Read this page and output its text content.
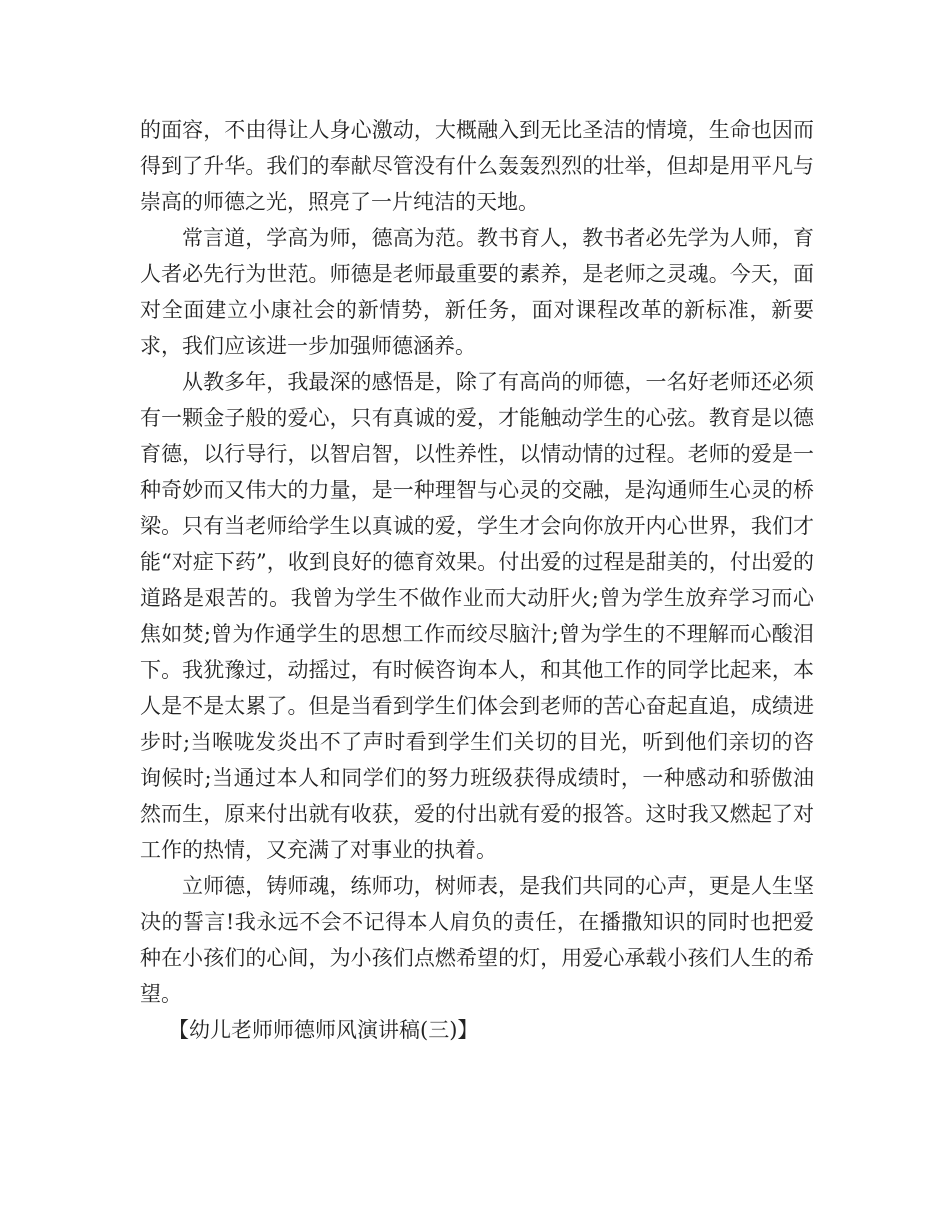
的面容，不由得让人身心激动，大概融入到无比圣洁的情境，生命也因而得到了升华。我们的奉献尽管没有什么轰轰烈烈的壮举，但却是用平凡与崇高的师德之光，照亮了一片纯洁的天地。

常言道，学高为师，德高为范。教书育人，教书者必先学为人师，育人者必先行为世范。师德是老师最重要的素养，是老师之灵魂。今天，面对全面建立小康社会的新情势，新任务，面对课程改革的新标准，新要求，我们应该进一步加强师德涵养。

从教多年，我最深的感悟是，除了有高尚的师德，一名好老师还必须有一颗金子般的爱心，只有真诚的爱，才能触动学生的心弦。教育是以德育德，以行导行，以智启智，以性养性，以情动情的过程。老师的爱是一种奇妙而又伟大的力量，是一种理智与心灵的交融，是沟通师生心灵的桥梁。只有当老师给学生以真诚的爱，学生才会向你放开内心世界，我们才能“对症下药”，收到良好的德育效果。付出爱的过程是甜美的，付出爱的道路是艰苦的。我曾为学生不做作业而大动肝火;曾为学生放弃学习而心焦如焚;曾为作通学生的思想工作而绞尽脑汁;曾为学生的不理解而心酸泪下。我犹豫过，动摇过，有时候咨询本人，和其他工作的同学比起来，本人是不是太累了。但是当看到学生们体会到老师的苦心奋起直追，成绩进步时;当喉咙发炎出不了声时看到学生们关切的目光，听到他们亲切的咨询候时;当通过本人和同学们的努力班级获得成绩时，一种感动和骄傲油然而生，原来付出就有收获，爱的付出就有爱的报答。这时我又燃起了对工作的热情，又充满了对事业的执着。

立师德，铸师魂，练师功，树师表，是我们共同的心声，更是人生坚决的誓言!我永远不会不记得本人肩负的责任，在播撒知识的同时也把爱种在小孩们的心间，为小孩们点燃希望的灯，用爱心承载小孩们人生的希望。

【幼儿老师师德师风演讲稿(三)】
